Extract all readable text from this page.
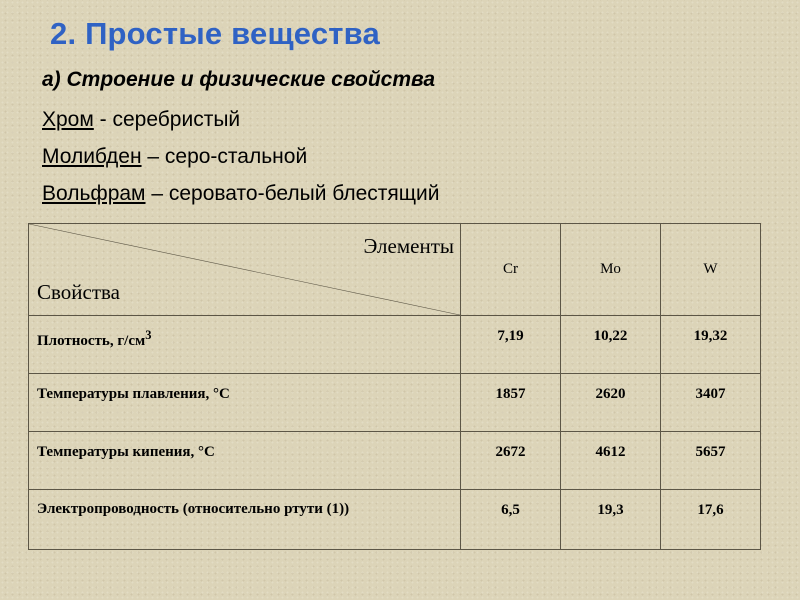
2. Простые вещества
а) Строение и физические свойства
Хром - серебристый
Молибден – серо-стальной
Вольфрам – серовато-белый блестящий
Элементы
Свойства	Cr	Mo	W
Плотность, $г/см^3$	7,19	10,22	19,32
Температуры плавления, °С	1857	2620	3407
Температуры кипения, °С	2672	4612	5657
Электропроводность (относительно ртути (1))	6,5	19,3	17,6
